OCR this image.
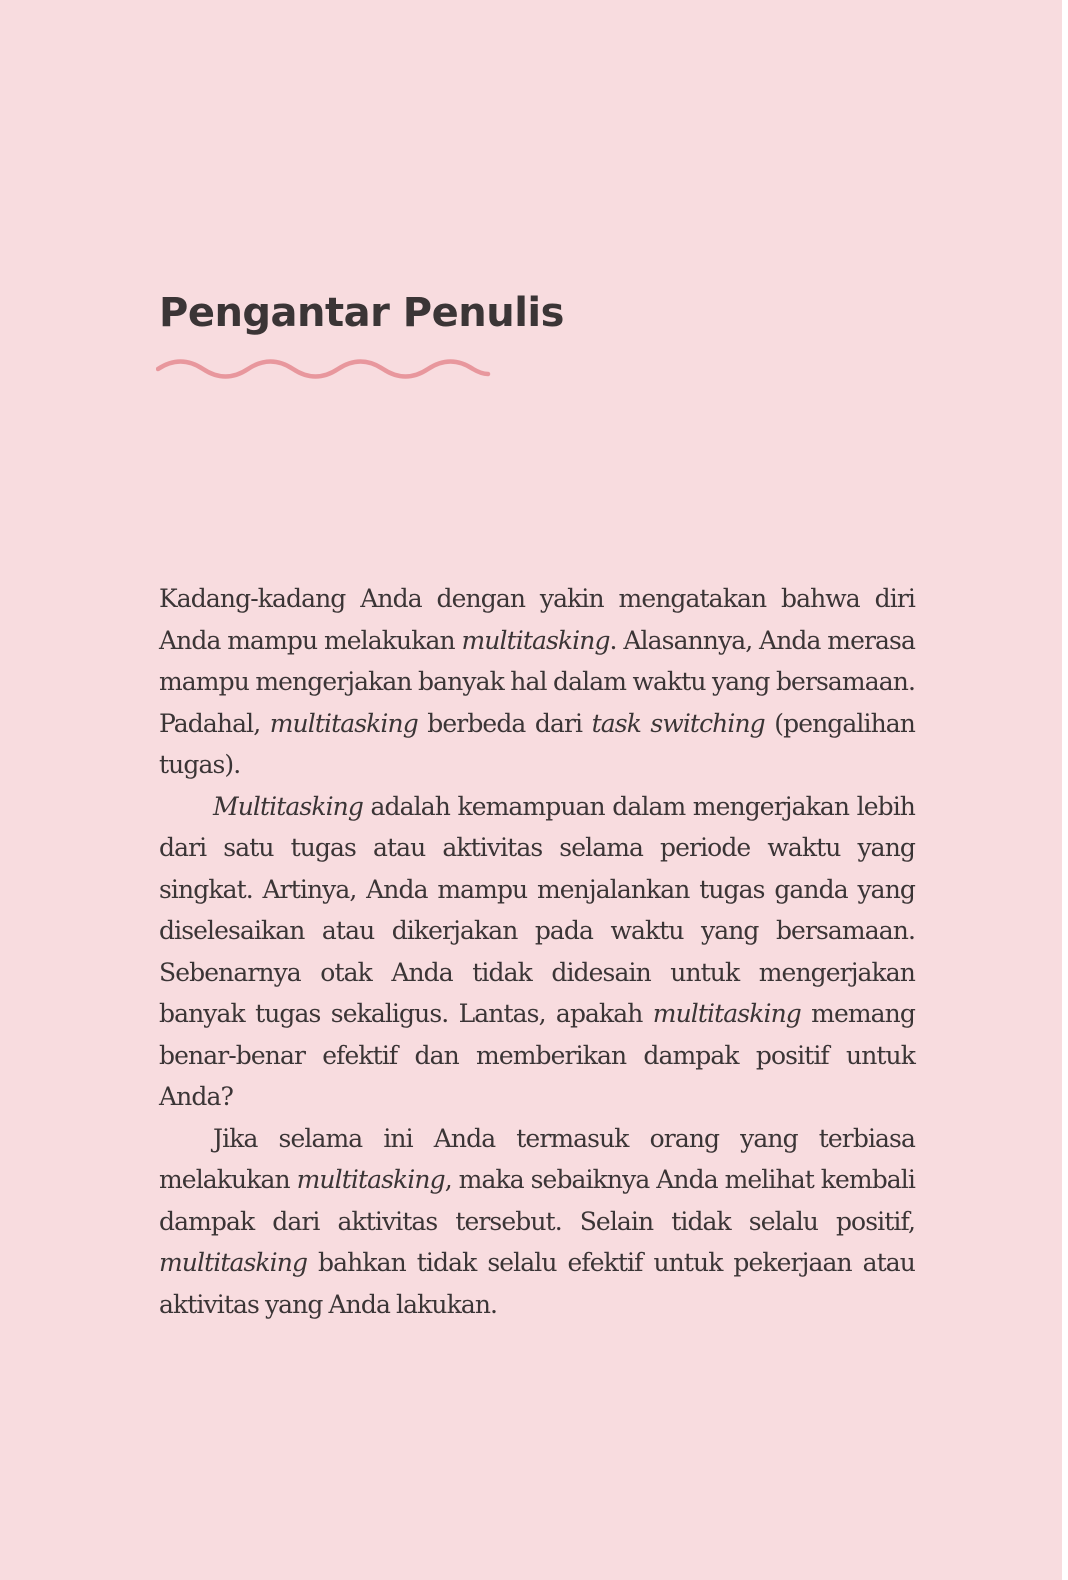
Pengantar Penulis

Kadang-kadang Anda dengan yakin mengatakan bahwa diri Anda mampu melakukan multitasking. Alasannya, Anda merasa mampu mengerjakan banyak hal dalam waktu yang bersamaan. Padahal, multitasking berbeda dari task switching (pengalihan tugas).

Multitasking adalah kemampuan dalam mengerjakan lebih dari satu tugas atau aktivitas selama periode waktu yang singkat. Artinya, Anda mampu menjalankan tugas ganda yang diselesaikan atau dikerjakan pada waktu yang bersamaan. Sebenarnya otak Anda tidak didesain untuk mengerjakan banyak tugas sekaligus. Lantas, apakah multitasking memang benar-benar efektif dan memberikan dampak positif untuk Anda?

Jika selama ini Anda termasuk orang yang terbiasa melakukan multitasking, maka sebaiknya Anda melihat kembali dampak dari aktivitas tersebut. Selain tidak selalu positif, multitasking bahkan tidak selalu efektif untuk pekerjaan atau aktivitas yang Anda lakukan.
